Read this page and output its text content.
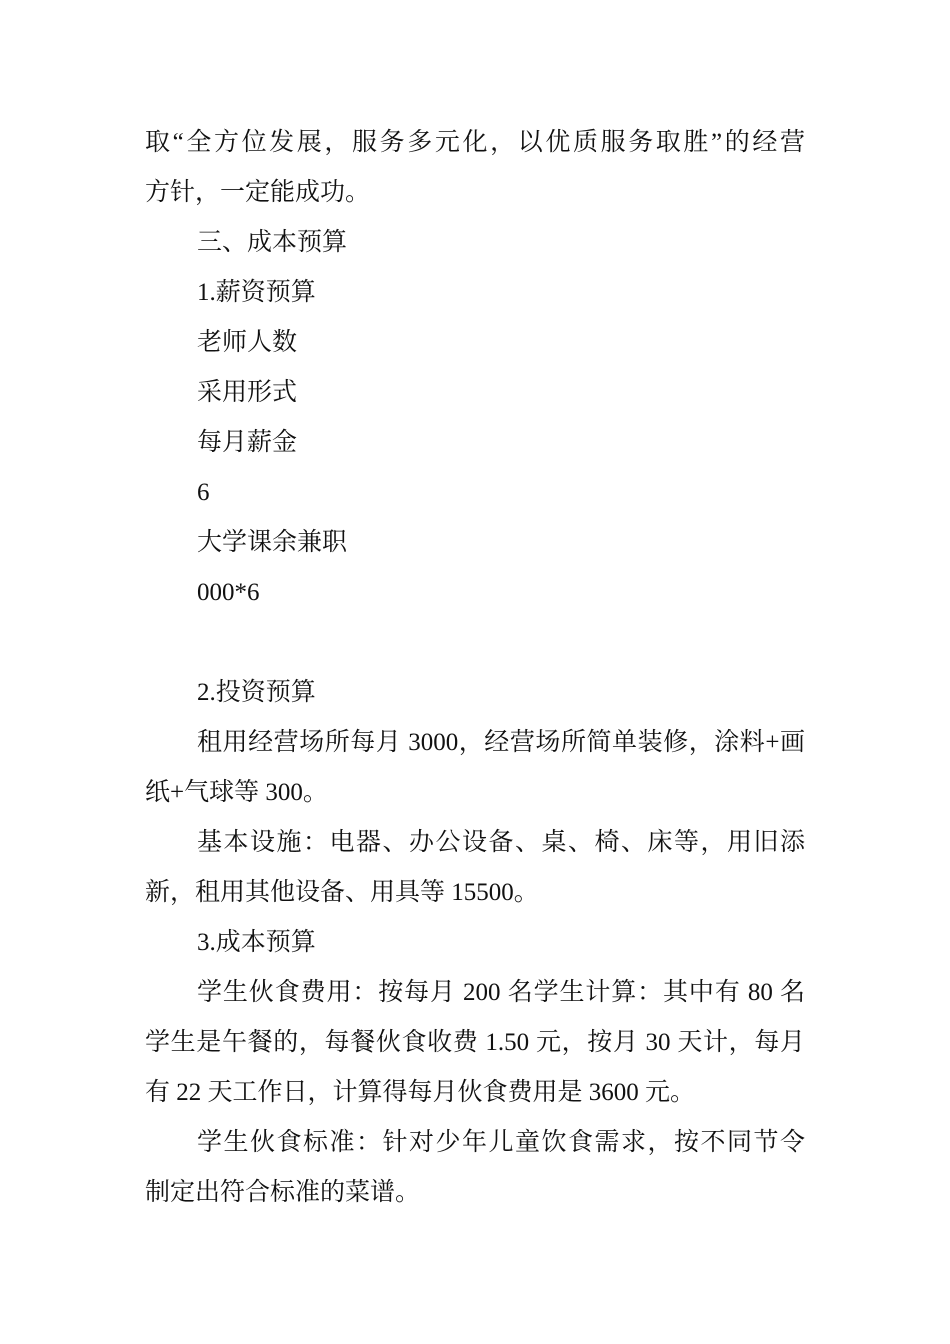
取“全方位发展，服务多元化，以优质服务取胜”的经营
方针，一定能成功。
三、成本预算
1.薪资预算
老师人数
采用形式
每月薪金
6
大学课余兼职
000*6
2.投资预算
租用经营场所每月 3000，经营场所简单装修，涂料+画
纸+气球等 300。
基本设施：电器、办公设备、桌、椅、床等，用旧添
新，租用其他设备、用具等 15500。
3.成本预算
学生伙食费用：按每月 200 名学生计算：其中有 80 名
学生是午餐的，每餐伙食收费 1.50 元，按月 30 天计，每月
有 22 天工作日，计算得每月伙食费用是 3600 元。
学生伙食标准：针对少年儿童饮食需求，按不同节令
制定出符合标准的菜谱。
